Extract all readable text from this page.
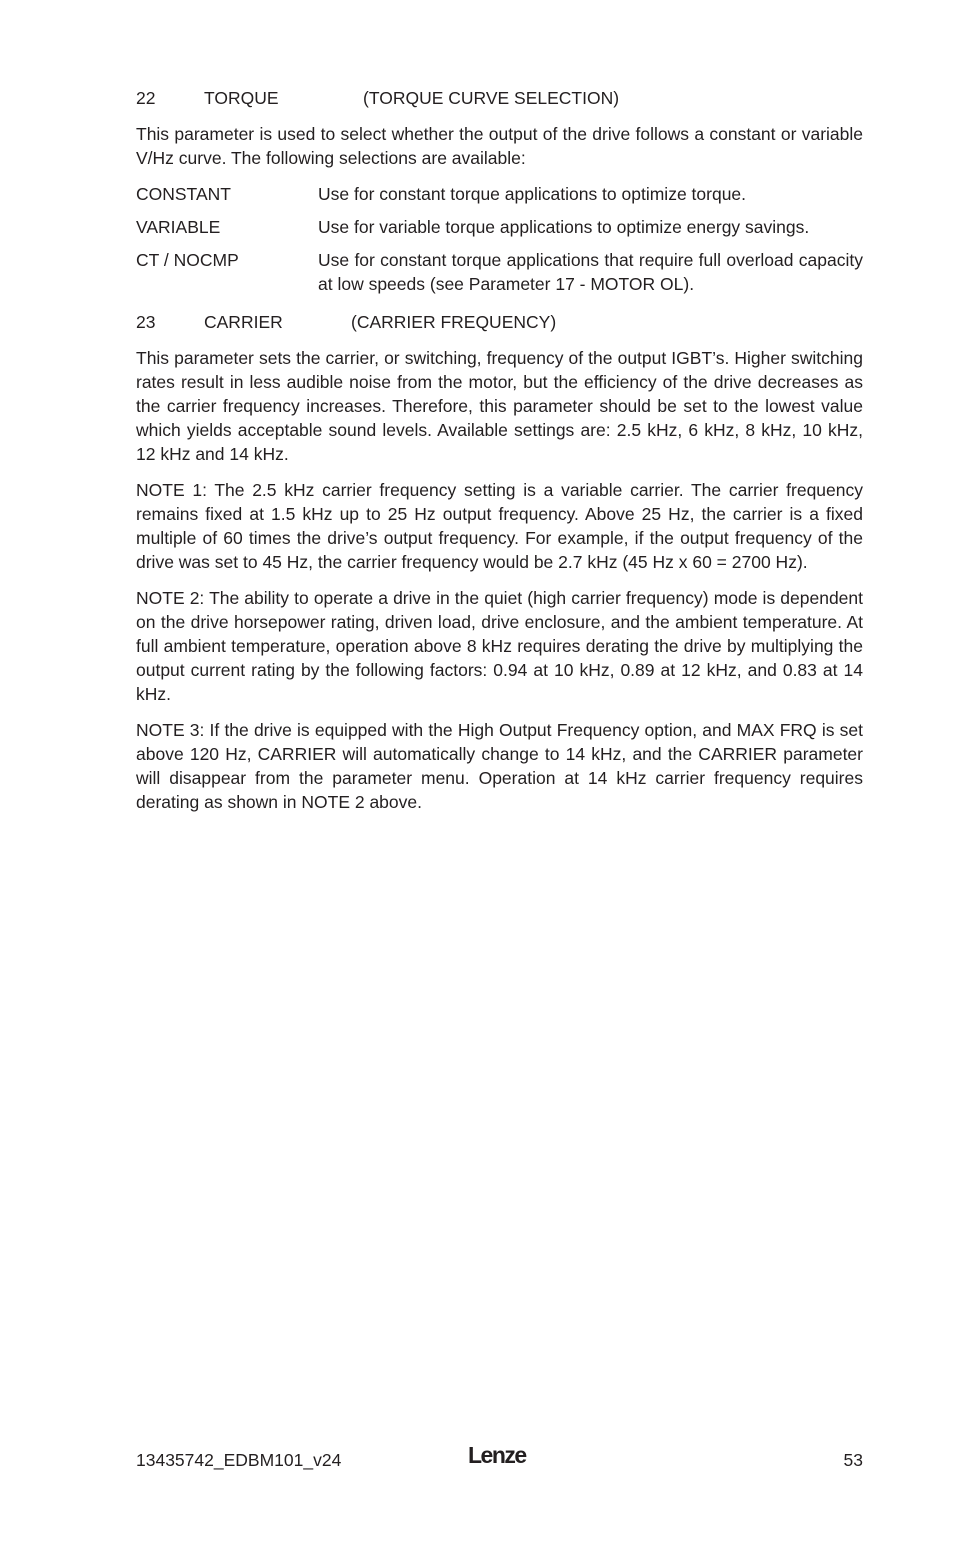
22	TORQUE	(TORQUE CURVE SELECTION)

This parameter is used to select whether the output of the drive follows a constant or variable V/Hz curve. The following selections are available:

CONSTANT	Use for constant torque applications to optimize torque.
VARIABLE	Use for variable torque applications to optimize energy savings.
CT / NOCMP	Use for constant torque applications that require full overload capacity at low speeds (see Parameter 17 - MOTOR OL).
23	CARRIER	(CARRIER FREQUENCY)

This parameter sets the carrier, or switching, frequency of the output IGBT’s. Higher switching rates result in less audible noise from the motor, but the efficiency of the drive decreases as the carrier frequency increases. Therefore, this parameter should be set to the lowest value which yields acceptable sound levels. Available settings are: 2.5 kHz, 6 kHz, 8 kHz, 10 kHz, 12 kHz and 14 kHz.

NOTE 1: The 2.5 kHz carrier frequency setting is a variable carrier. The carrier frequency remains fixed at 1.5 kHz up to 25 Hz output frequency. Above 25 Hz, the carrier is a fixed multiple of 60 times the drive’s output frequency. For example, if the output frequency of the drive was set to 45 Hz, the carrier frequency would be 2.7 kHz (45 Hz x 60 = 2700 Hz).

NOTE 2: The ability to operate a drive in the quiet (high carrier frequency) mode is dependent on the drive horsepower rating, driven load, drive enclosure, and the ambient temperature. At full ambient temperature, operation above 8 kHz requires derating the drive by multiplying the output current rating by the following factors: 0.94 at 10 kHz, 0.89 at 12 kHz, and 0.83 at 14 kHz.

NOTE 3: If the drive is equipped with the High Output Frequency option, and MAX FRQ is set above 120 Hz, CARRIER will automatically change to 14 kHz, and the CARRIER parameter will disappear from the parameter menu. Operation at 14 kHz carrier frequency requires derating as shown in NOTE 2 above.

13435742_EDBM101_v24	Lenze	53
